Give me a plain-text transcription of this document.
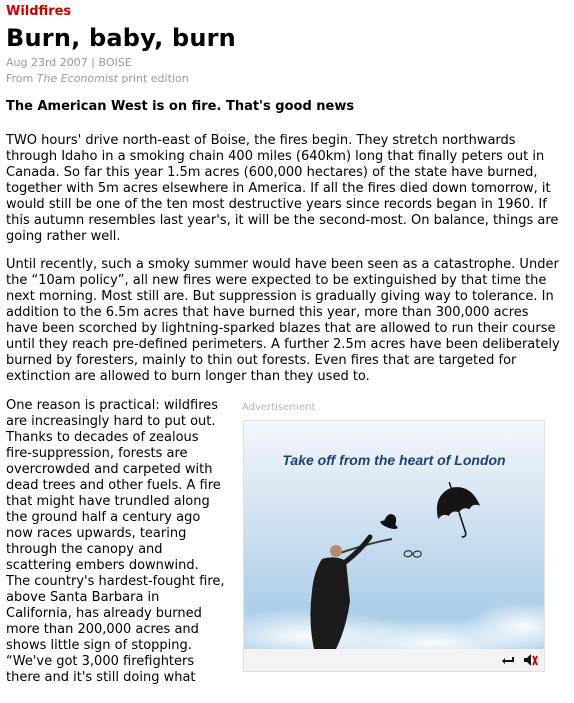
Wildfires
Burn, baby, burn
Aug 23rd 2007 | BOISE
From The Economist print edition
The American West is on fire. That's good news
TWO hours' drive north-east of Boise, the fires begin. They stretch northwards through Idaho in a smoking chain 400 miles (640km) long that finally peters out in Canada. So far this year 1.5m acres (600,000 hectares) of the state have burned, together with 5m acres elsewhere in America. If all the fires died down tomorrow, it would still be one of the ten most destructive years since records began in 1960. If this autumn resembles last year's, it will be the second-most. On balance, things are going rather well.
Until recently, such a smoky summer would have been seen as a catastrophe. Under the “10am policy”, all new fires were expected to be extinguished by that time the next morning. Most still are. But suppression is gradually giving way to tolerance. In addition to the 6.5m acres that have burned this year, more than 300,000 acres have been scorched by lightning-sparked blazes that are allowed to run their course until they reach pre-defined perimeters. A further 2.5m acres have been deliberately burned by foresters, mainly to thin out forests. Even fires that are targeted for extinction are allowed to burn longer than they used to.
One reason is practical: wildfires are increasingly hard to put out. Thanks to decades of zealous fire-suppression, forests are overcrowded and carpeted with dead trees and other fuels. A fire that might have trundled along the ground half a century ago now races upwards, tearing through the canopy and scattering embers downwind. The country's hardest-fought fire, above Santa Barbara in California, has already burned more than 200,000 acres and shows little sign of stopping. “We've got 3,000 firefighters there and it's still doing what
Advertisement
Take off from the heart of London
